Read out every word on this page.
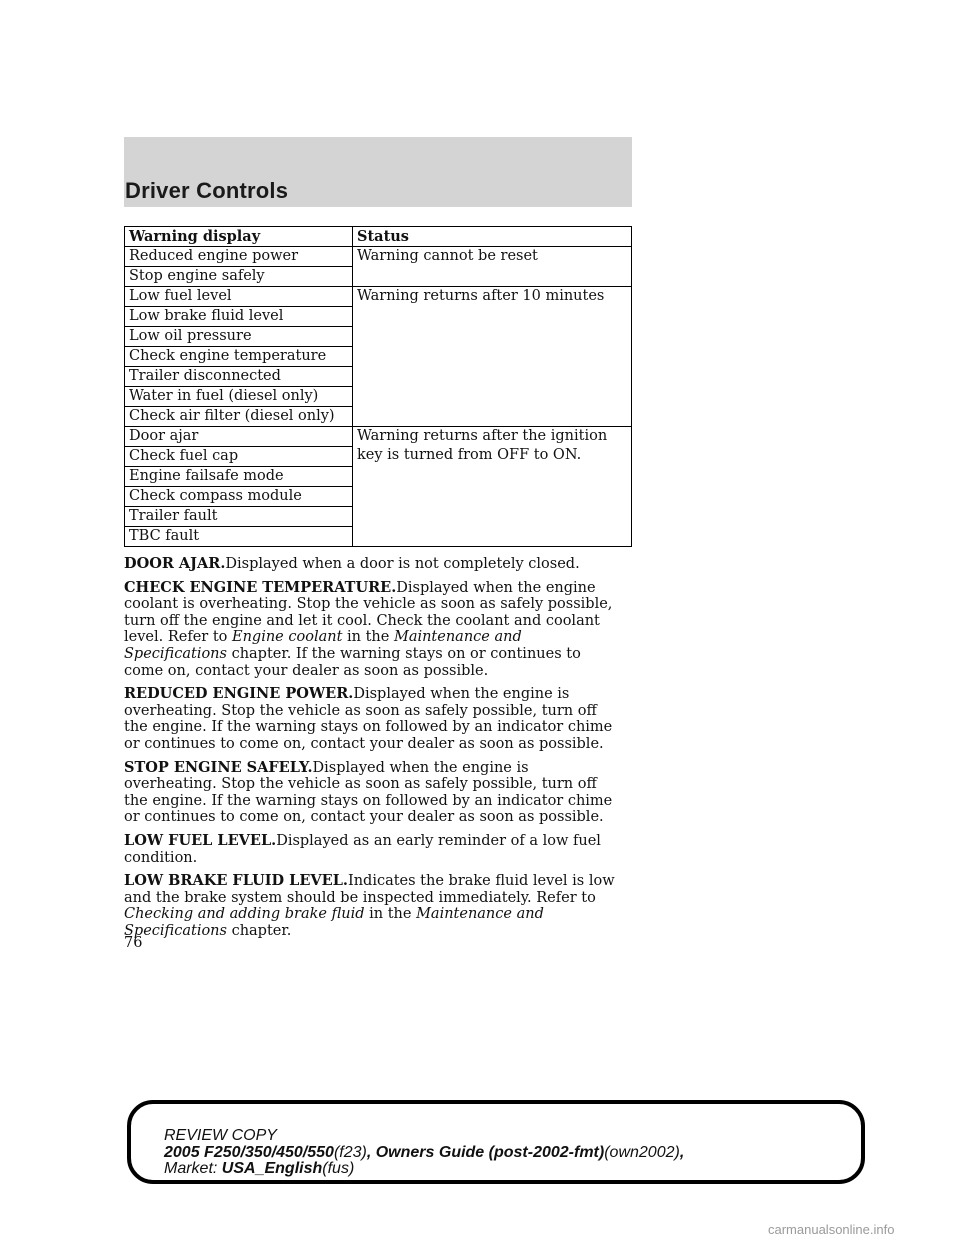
Driver Controls
Warning display	Status
Reduced engine power	Warning cannot be reset
Stop engine safely	
Low fuel level	Warning returns after 10 minutes
Low brake fluid level	
Low oil pressure	
Check engine temperature	
Trailer disconnected	
Water in fuel (diesel only)	
Check air filter (diesel only)	
Door ajar	Warning returns after the ignition key is turned from OFF to ON.
Check fuel cap	
Engine failsafe mode	
Check compass module	
Trailer fault	
TBC fault	

DOOR AJAR.Displayed when a door is not completely closed.

CHECK ENGINE TEMPERATURE.Displayed when the engine coolant is overheating. Stop the vehicle as soon as safely possible, turn off the engine and let it cool. Check the coolant and coolant level. Refer to Engine coolant in the Maintenance and Specifications chapter. If the warning stays on or continues to come on, contact your dealer as soon as possible.

REDUCED ENGINE POWER.Displayed when the engine is overheating. Stop the vehicle as soon as safely possible, turn off the engine. If the warning stays on followed by an indicator chime or continues to come on, contact your dealer as soon as possible.

STOP ENGINE SAFELY.Displayed when the engine is overheating. Stop the vehicle as soon as safely possible, turn off the engine. If the warning stays on followed by an indicator chime or continues to come on, contact your dealer as soon as possible.

LOW FUEL LEVEL.Displayed as an early reminder of a low fuel condition.

LOW BRAKE FLUID LEVEL.Indicates the brake fluid level is low and the brake system should be inspected immediately. Refer to Checking and adding brake fluid in the Maintenance and Specifications chapter.

76
REVIEW COPY
2005 F250/350/450/550(f23), Owners Guide (post-2002-fmt)(own2002),
Market: USA_English(fus)
carmanualsonline.info
